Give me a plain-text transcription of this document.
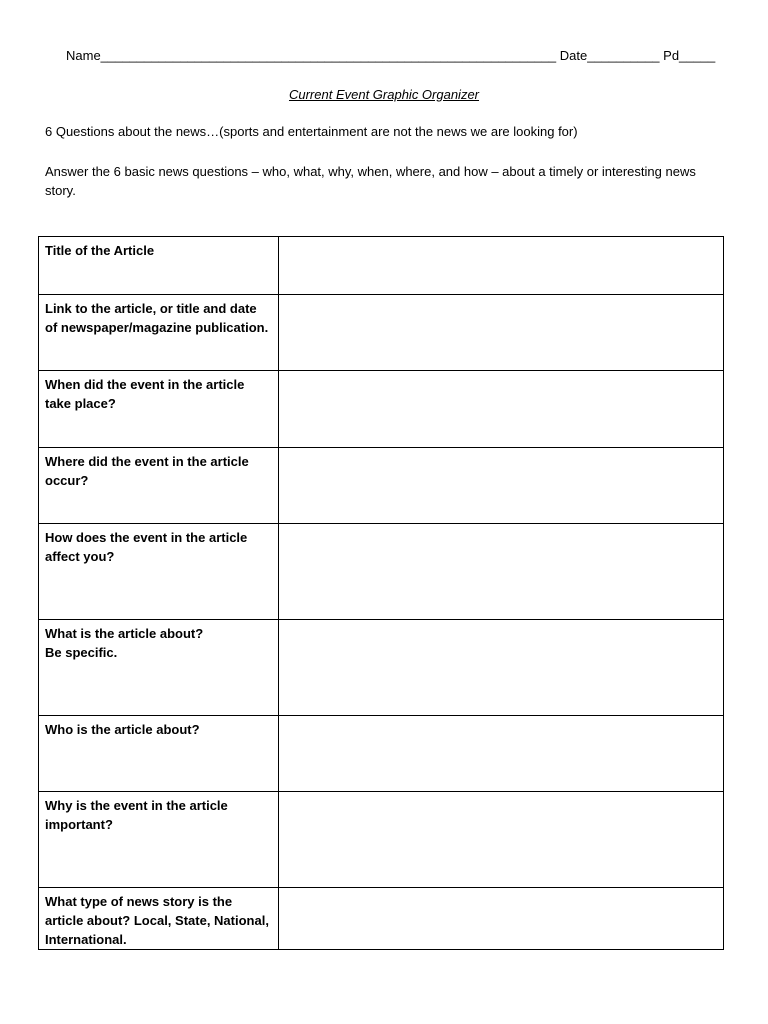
Name_______________________________________________________________ Date__________ Pd_____
Current Event Graphic Organizer
6 Questions about the news…(sports and entertainment are not the news we are looking for)
Answer the 6 basic news questions – who, what, why, when, where, and how – about a timely or interesting news story.
Title of the Article	
Link to the article, or title and date of newspaper/magazine publication.	
When did the event in the article take place?	
Where did the event in the article occur?	
How does the event in the article affect you?	
What is the article about?
Be specific.	
Who is the article about?	
Why is the event in the article important?	
What type of news story is the article about? Local, State, National, International.	
